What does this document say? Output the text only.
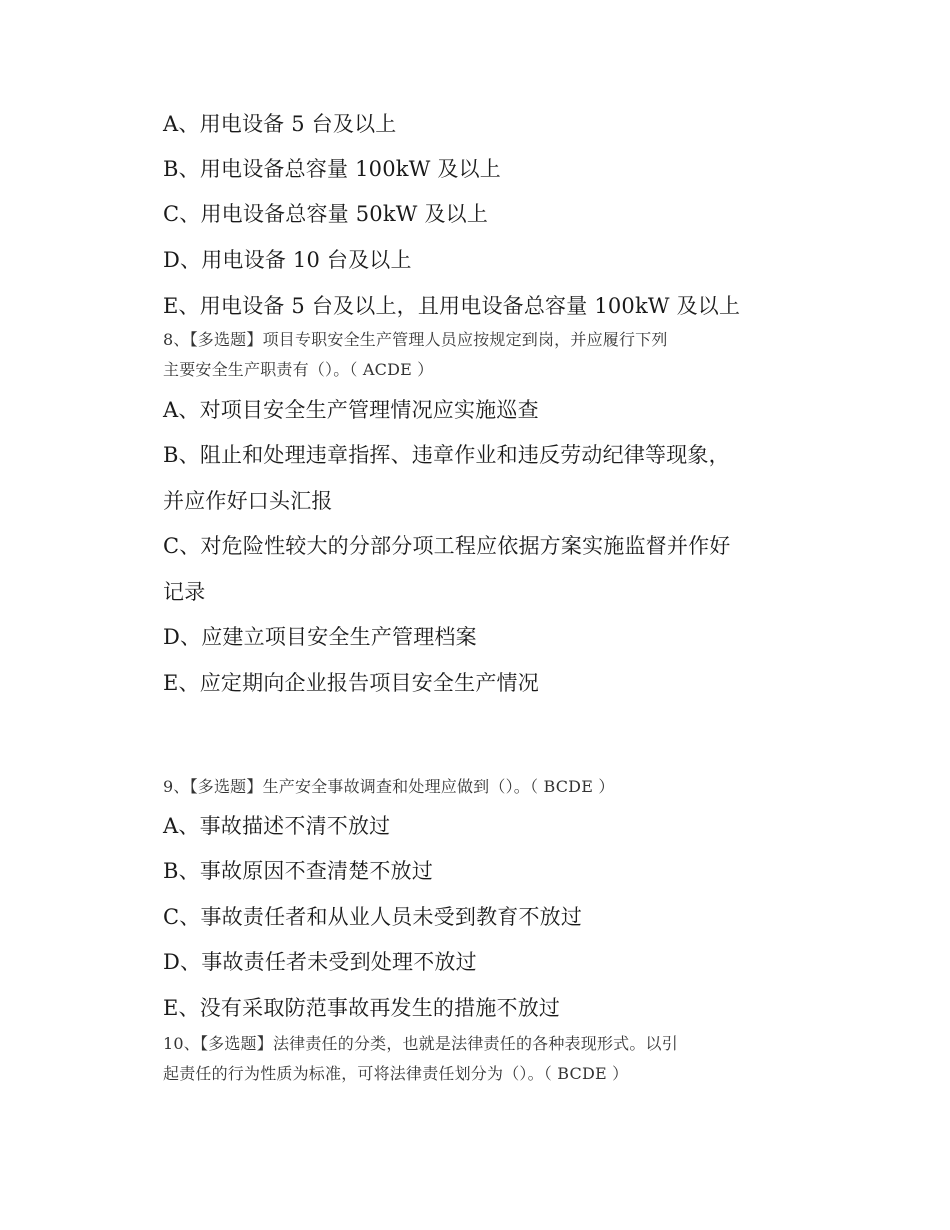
A、用电设备 5 台及以上
B、用电设备总容量 100kW 及以上
C、用电设备总容量 50kW 及以上
D、用电设备 10 台及以上
E、用电设备 5 台及以上，且用电设备总容量 100kW 及以上
8、【多选题】项目专职安全生产管理人员应按规定到岗，并应履行下列
主要安全生产职责有（）。（ ACDE ）
A、对项目安全生产管理情况应实施巡查
B、阻止和处理违章指挥、违章作业和违反劳动纪律等现象，
并应作好口头汇报
C、对危险性较大的分部分项工程应依据方案实施监督并作好
记录
D、应建立项目安全生产管理档案
E、应定期向企业报告项目安全生产情况
9、【多选题】生产安全事故调查和处理应做到（）。（ BCDE ）
A、事故描述不清不放过
B、事故原因不查清楚不放过
C、事故责任者和从业人员未受到教育不放过
D、事故责任者未受到处理不放过
E、没有采取防范事故再发生的措施不放过
10、【多选题】法律责任的分类，也就是法律责任的各种表现形式。以引
起责任的行为性质为标准，可将法律责任划分为（）。（ BCDE ）
